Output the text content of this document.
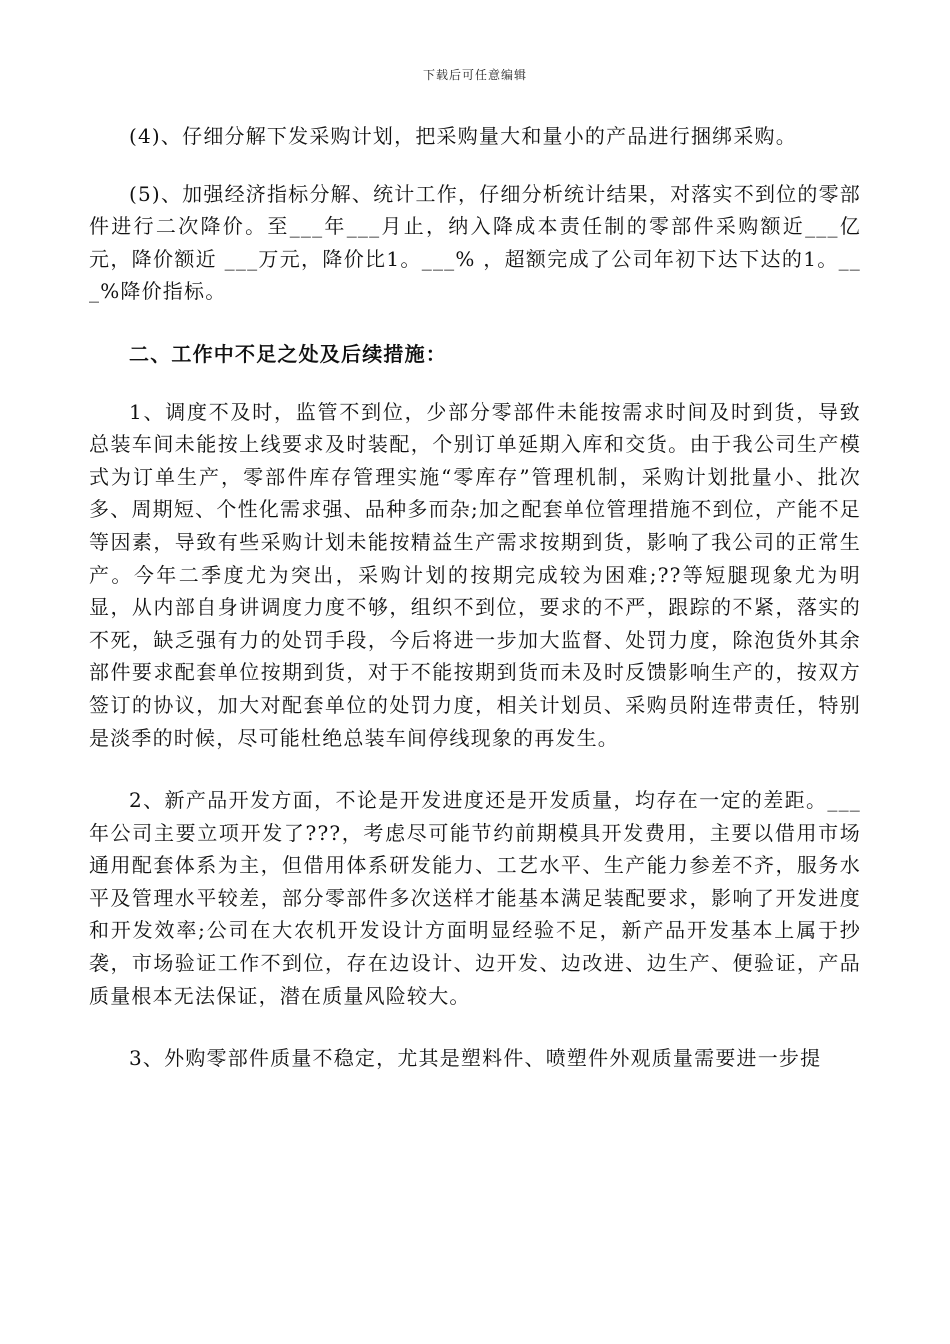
下载后可任意编辑

(4)、仔细分解下发采购计划，把采购量大和量小的产品进行捆绑采购。

(5)、加强经济指标分解、统计工作，仔细分析统计结果，对落实不到位的零部件进行二次降价。至___年___月止，纳入降成本责任制的零部件采购额近___亿元，降价额近 ___万元，降价比1。___% ，超额完成了公司年初下达下达的1。___%降价指标。

二、工作中不足之处及后续措施：

1、调度不及时，监管不到位，少部分零部件未能按需求时间及时到货，导致总装车间未能按上线要求及时装配，个别订单延期入库和交货。由于我公司生产模式为订单生产，零部件库存管理实施“零库存”管理机制，采购计划批量小、批次多、周期短、个性化需求强、品种多而杂;加之配套单位管理措施不到位，产能不足等因素，导致有些采购计划未能按精益生产需求按期到货，影响了我公司的正常生产。今年二季度尤为突出，采购计划的按期完成较为困难;??等短腿现象尤为明显，从内部自身讲调度力度不够，组织不到位，要求的不严，跟踪的不紧，落实的不死，缺乏强有力的处罚手段，今后将进一步加大监督、处罚力度，除泡货外其余部件要求配套单位按期到货，对于不能按期到货而未及时反馈影响生产的，按双方签订的协议，加大对配套单位的处罚力度，相关计划员、采购员附连带责任，特别是淡季的时候，尽可能杜绝总装车间停线现象的再发生。

2、新产品开发方面，不论是开发进度还是开发质量，均存在一定的差距。___年公司主要立项开发了???，考虑尽可能节约前期模具开发费用，主要以借用市场通用配套体系为主，但借用体系研发能力、工艺水平、生产能力参差不齐，服务水平及管理水平较差，部分零部件多次送样才能基本满足装配要求，影响了开发进度和开发效率;公司在大农机开发设计方面明显经验不足，新产品开发基本上属于抄袭，市场验证工作不到位，存在边设计、边开发、边改进、边生产、便验证，产品质量根本无法保证，潜在质量风险较大。

3、外购零部件质量不稳定，尤其是塑料件、喷塑件外观质量需要进一步提
